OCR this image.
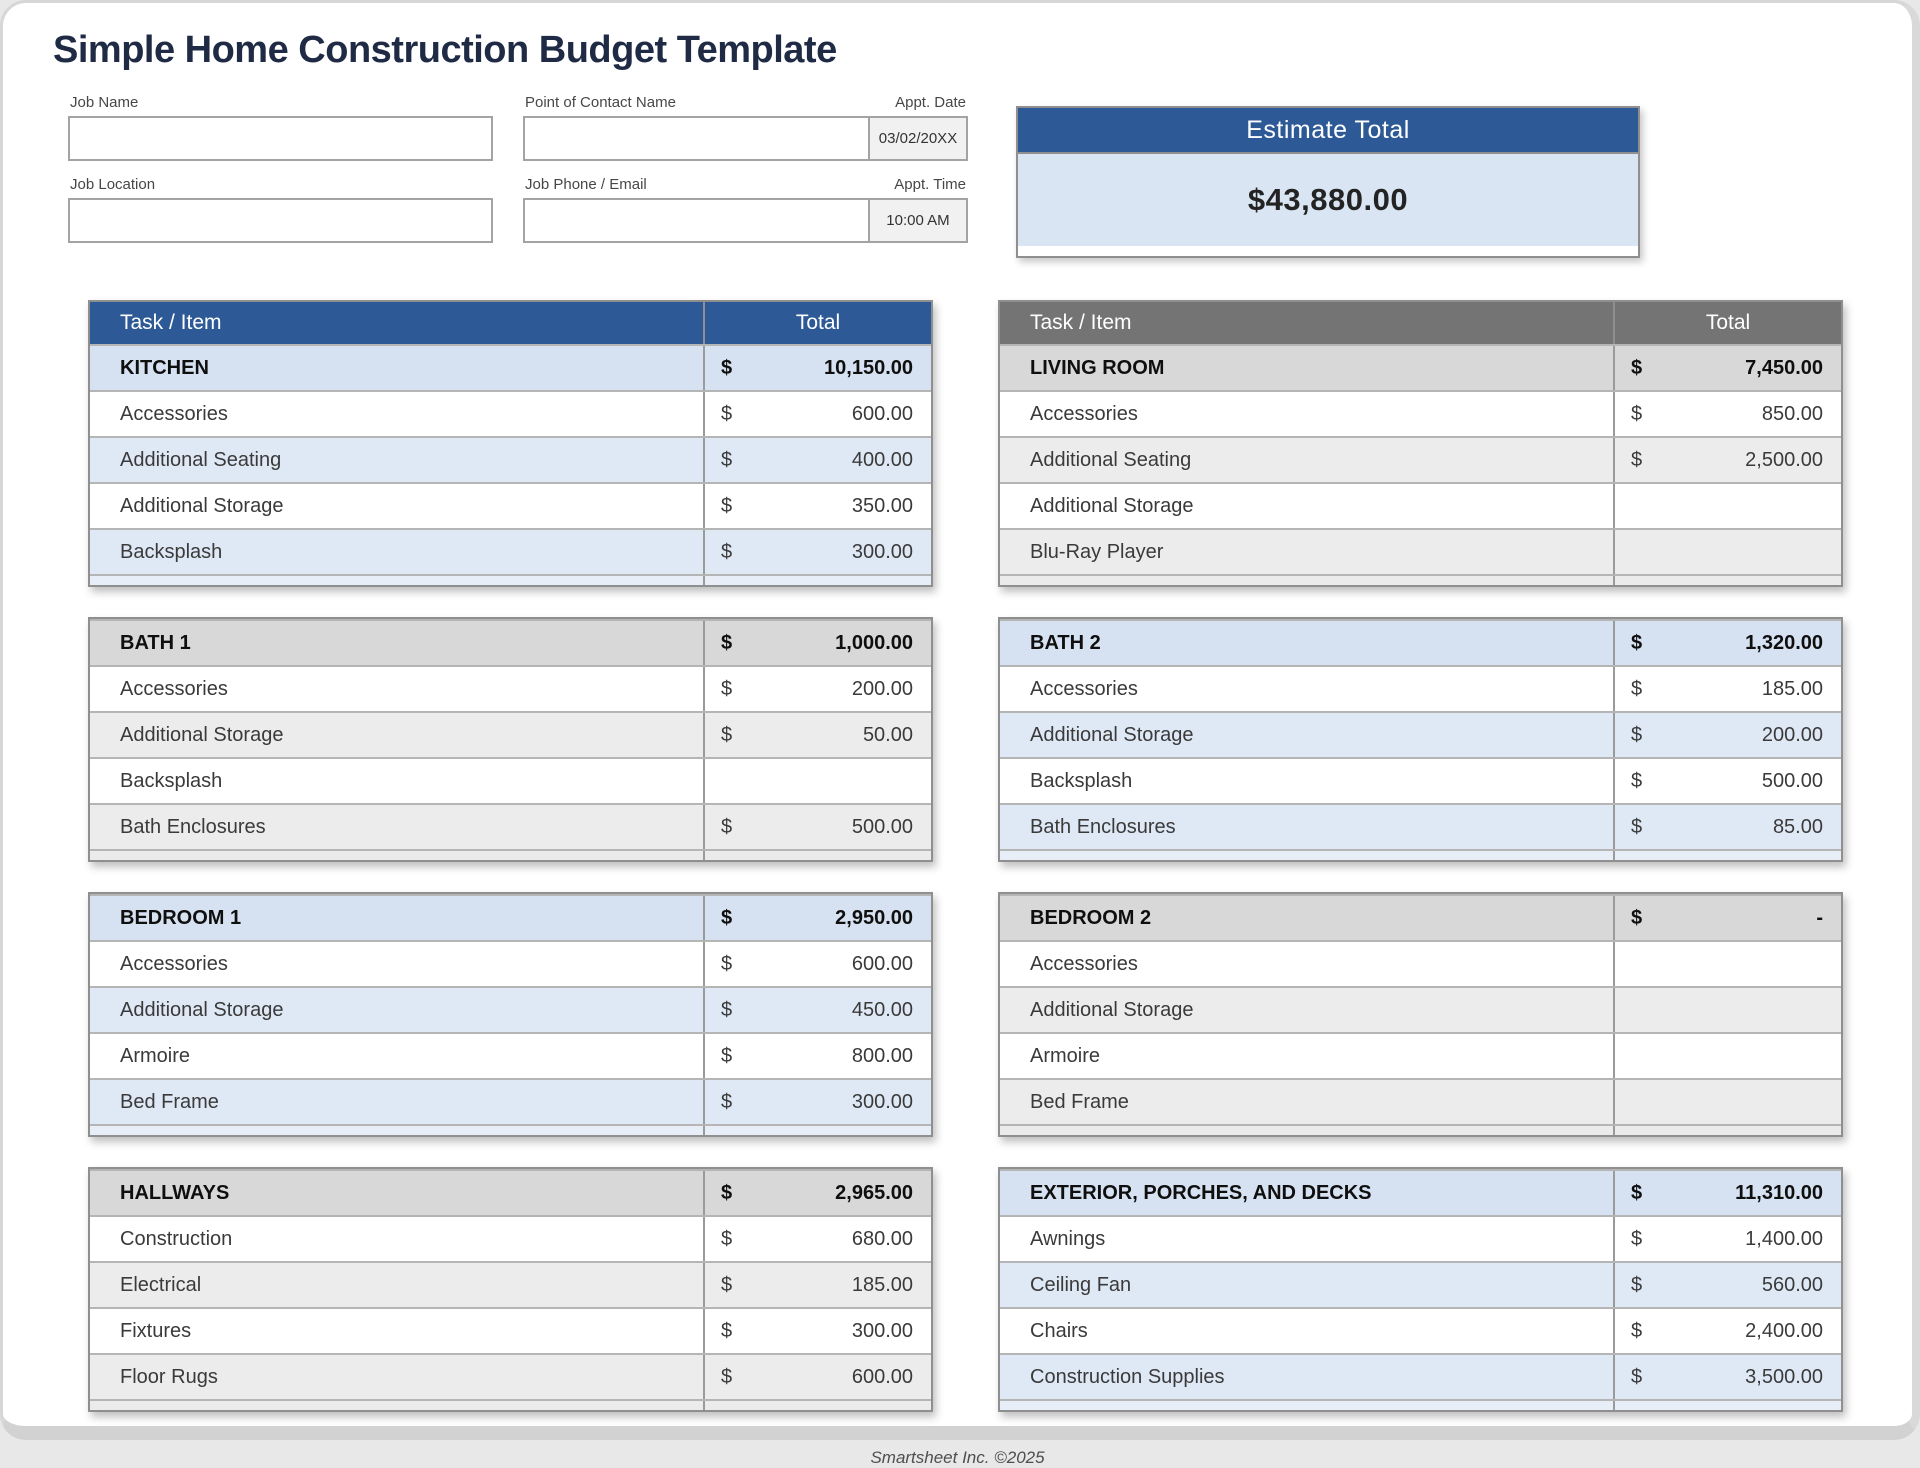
Simple Home Construction Budget Template
Job Name
Job Location
Point of Contact Name	Appt. Date
03/02/20XX
Job Phone / Email	Appt. Time
10:00 AM
Estimate Total
$43,880.00
Task / Item	Total
KITCHEN	$	10,150.00
Accessories	$	600.00
Additional Seating	$	400.00
Additional Storage	$	350.00
Backsplash	$	300.00
BATH 1	$	1,000.00
Accessories	$	200.00
Additional Storage	$	50.00
Backsplash
Bath Enclosures	$	500.00
BEDROOM 1	$	2,950.00
Accessories	$	600.00
Additional Storage	$	450.00
Armoire	$	800.00
Bed Frame	$	300.00
HALLWAYS	$	2,965.00
Construction	$	680.00
Electrical	$	185.00
Fixtures	$	300.00
Floor Rugs	$	600.00
Task / Item	Total
LIVING ROOM	$	7,450.00
Accessories	$	850.00
Additional Seating	$	2,500.00
Additional Storage
Blu-Ray Player
BATH 2	$	1,320.00
Accessories	$	185.00
Additional Storage	$	200.00
Backsplash	$	500.00
Bath Enclosures	$	85.00
BEDROOM 2	$	-
Accessories
Additional Storage
Armoire
Bed Frame
EXTERIOR, PORCHES, AND DECKS	$	11,310.00
Awnings	$	1,400.00
Ceiling Fan	$	560.00
Chairs	$	2,400.00
Construction Supplies	$	3,500.00
Smartsheet Inc. ©2025
